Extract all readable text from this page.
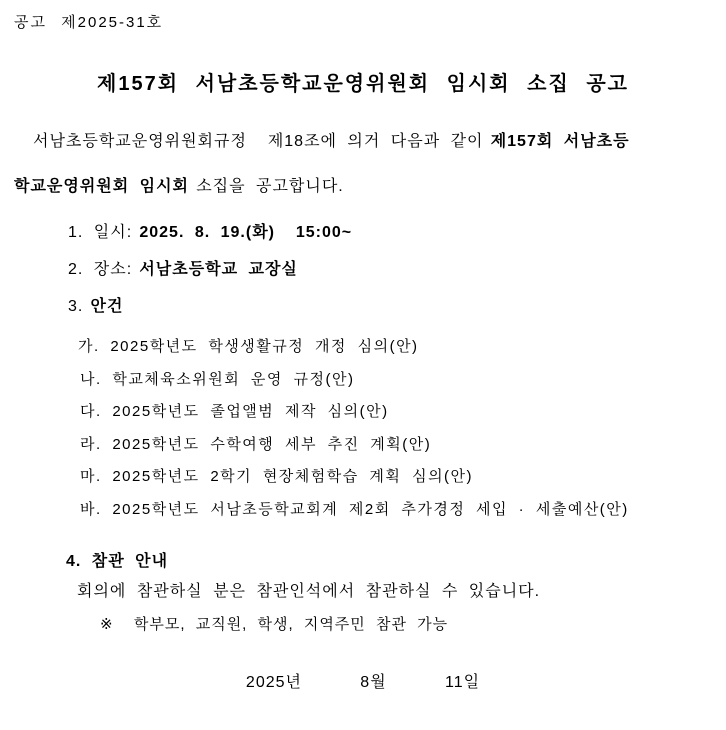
공고 제2025-31호
제157회 서남초등학교운영위원회 임시회 소집 공고
서남초등학교운영위원회규정  제18조에 의거 다음과 같이 제157회 서남초등
학교운영위원회 임시회 소집을 공고합니다.
1. 일시: 2025. 8. 19.(화)  15:00~
2. 장소: 서남초등학교 교장실
3. 안건
가. 2025학년도 학생생활규정 개정 심의(안)
나. 학교체육소위원회 운영 규정(안)
다. 2025학년도 졸업앨범 제작 심의(안)
라. 2025학년도 수학여행 세부 추진 계획(안)
마. 2025학년도 2학기 현장체험학습 계획 심의(안)
바. 2025학년도 서남초등학교회계 제2회 추가경정 세입 · 세출예산(안)
4. 참관 안내
회의에 참관하실 분은 참관인석에서 참관하실 수 있습니다.
※  학부모, 교직원, 학생, 지역주민 참관 가능
2025년   8월   11일
